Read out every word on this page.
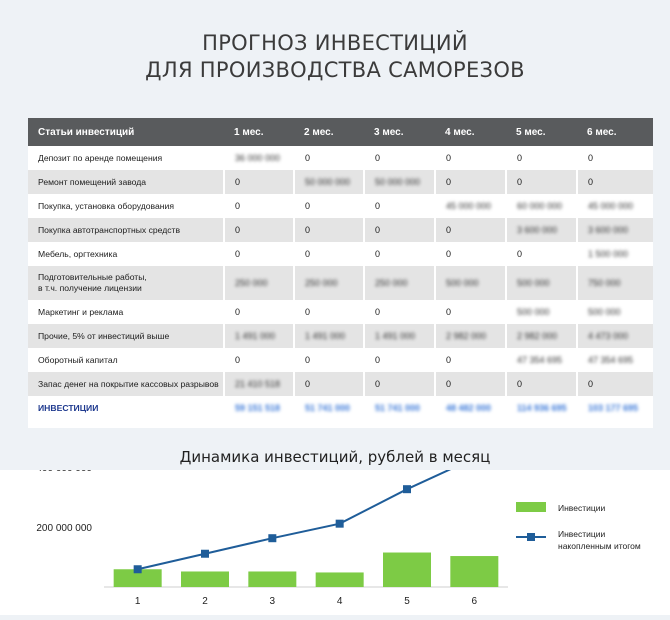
ПРОГНОЗ ИНВЕСТИЦИЙ
ДЛЯ ПРОИЗВОДСТВА САМОРЕЗОВ
Статьи инвестиций	1 мес.	2 мес.	3 мес.	4 мес.	5 мес.	6 мес.
Депозит по аренде помещения	36 000 000	0	0	0	0	0
Ремонт помещений завода	0	50 000 000	50 000 000	0	0	0
Покупка, установка оборудования	0	0	0	45 000 000	60 000 000	45 000 000
Покупка автотранспортных средств	0	0	0	0	3 600 000	3 600 000
Мебель, оргтехника	0	0	0	0	0	1 500 000

Подготовительные работы,
в т.ч. получение лицензии	250 000	250 000	250 000	500 000	500 000	750 000
Маркетинг и реклама	0	0	0	0	500 000	500 000
Прочие, 5% от инвестиций выше	1 491 000	1 491 000	1 491 000	2 982 000	2 982 000	4 473 000
Оборотный капитал	0	0	0	0	47 354 695	47 354 695
Запас денег на покрытие кассовых разрывов	21 410 518	0	0	0	0	0
ИНВЕСТИЦИИ	59 151 518	51 741 000	51 741 000	48 482 000	114 936 695	103 177 695
Динамика инвестиций, рублей в месяц
200 000 000
1	2	3	4	5	6
Инвестиции
Инвестиции
накопленным итогом
